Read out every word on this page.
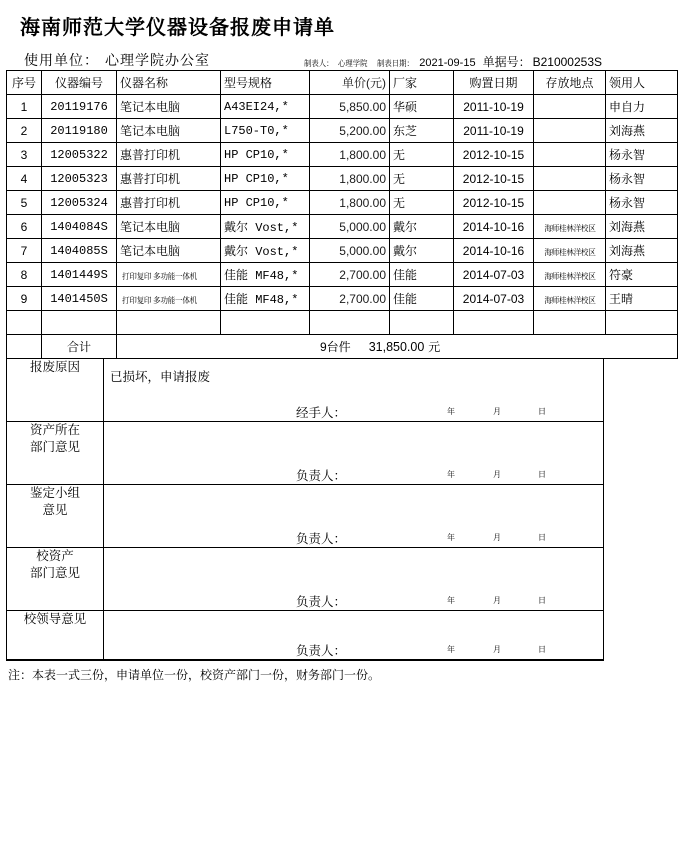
海南师范大学仪器设备报废申请单
使用单位： 心理学院办公室	制表人： 心理学院 制表日期： 2021-09-15 单据号： B21000253S
序号	仪器编号	仪器名称	型号规格	单价(元)	厂家	购置日期	存放地点	领用人
1	20119176	笔记本电脑	A43EI24,*	5,850.00	华硕	2011-10-19		申自力
2	20119180	笔记本电脑	L750-T0,*	5,200.00	东芝	2011-10-19		刘海燕
3	12005322	惠普打印机	HP CP10,*	1,800.00	无	2012-10-15		杨永智
4	12005323	惠普打印机	HP CP10,*	1,800.00	无	2012-10-15		杨永智
5	12005324	惠普打印机	HP CP10,*	1,800.00	无	2012-10-15		杨永智
6	1404084S	笔记本电脑	戴尔 Vost,*	5,000.00	戴尔	2014-10-16	海师桂林洋校区	刘海燕
7	1404085S	笔记本电脑	戴尔 Vost,*	5,000.00	戴尔	2014-10-16	海师桂林洋校区	刘海燕
8	1401449S	打印复印 多功能一体机	佳能 MF48,*	2,700.00	佳能	2014-07-03	海师桂林洋校区	符豪
9	1401450S	打印复印 多功能一体机	佳能 MF48,*	2,700.00	佳能	2014-07-03	海师桂林洋校区	王晴

	合计	9台件 31,850.00 元						
报废原因	已损坏，申请报废
经手人： 年 月 日

资产所在
部门意见

负责人：	年	月	日

鉴定小组
意见

负责人：	年	月	日

校资产
部门意见

负责人：	年	月	日

校领导意见	负责人： 年 月 日
注：本表一式三份，申请单位一份，校资产部门一份，财务部门一份。
